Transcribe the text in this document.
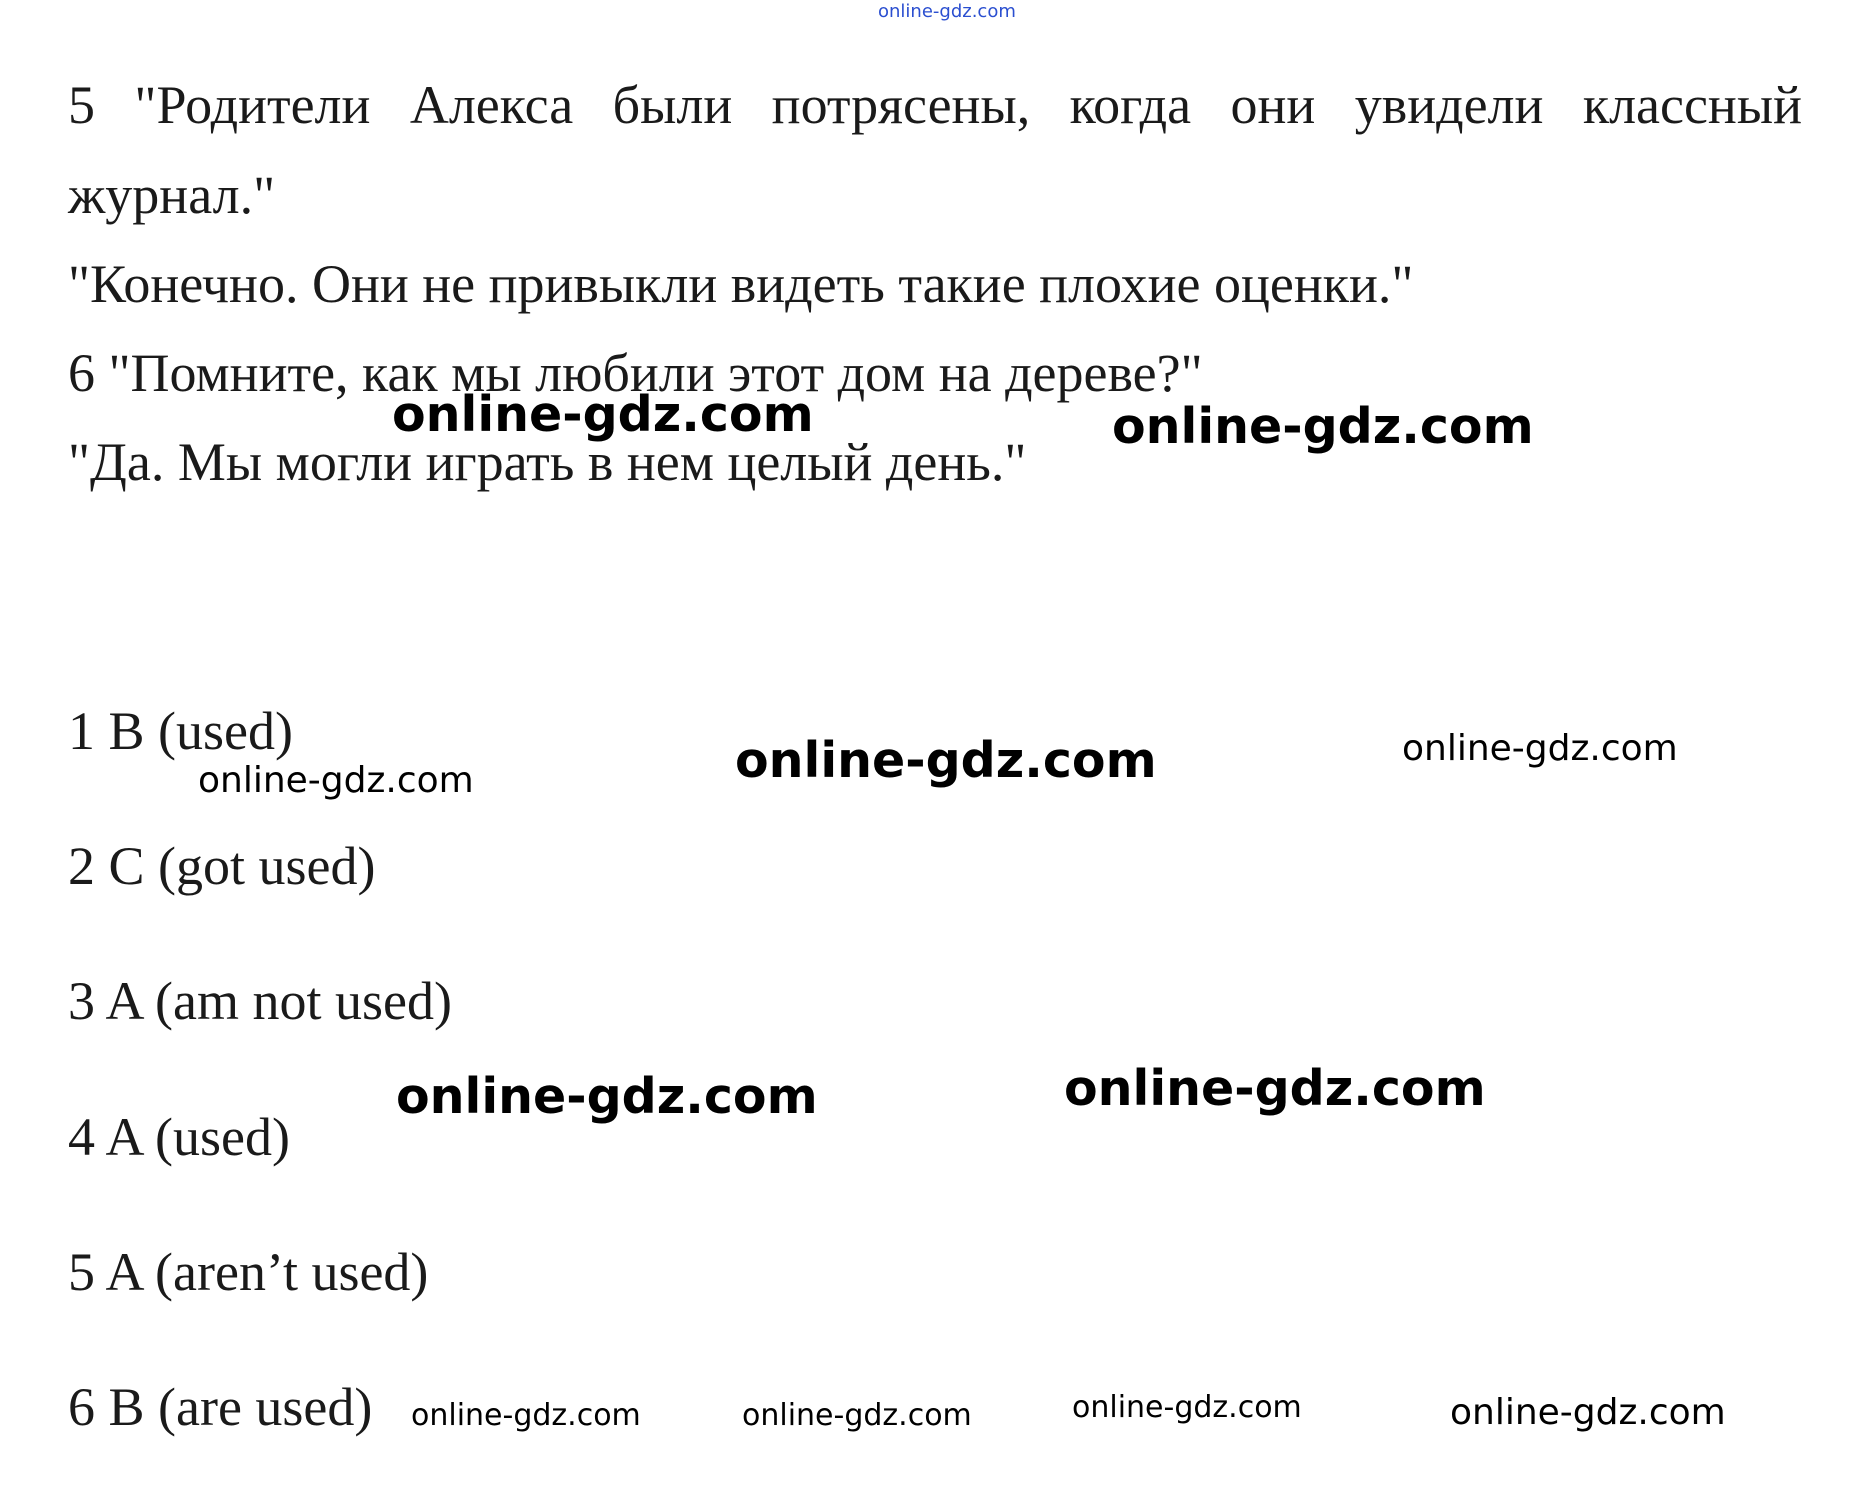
online-gdz.com
5 "Родители Алекса были потрясены, когда они увидели классный
журнал."
"Конечно. Они не привыкли видеть такие плохие оценки."
6 "Помните, как мы любили этот дом на дереве?"
"Да. Мы могли играть в нем целый день."
1 B (used)
2 C (got used)
3 A (am not used)
4 A (used)
5 A (aren’t used)
6 B (are used)
online-gdz.com	online-gdz.com
online-gdz.com	online-gdz.com
online-gdz.com
online-gdz.com	online-gdz.com
online-gdz.com	online-gdz.com	online-gdz.com	online-gdz.com
